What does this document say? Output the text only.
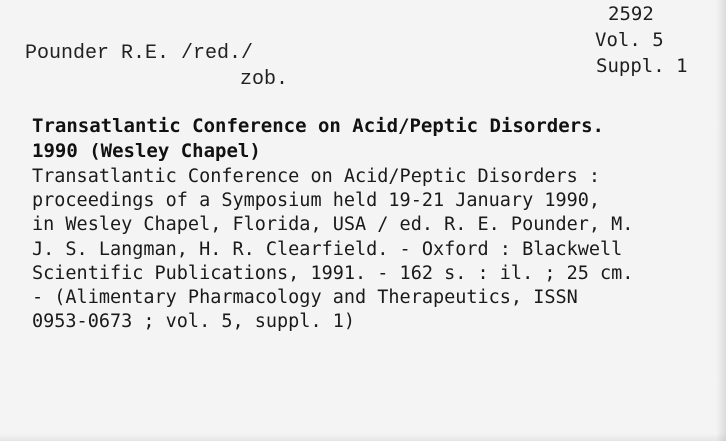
2592
Vol. 5
Suppl. 1
Pounder R.E. /red./
zob.
Transatlantic Conference on Acid/Peptic Disorders.
1990 (Wesley Chapel)
Transatlantic Conference on Acid/Peptic Disorders :
proceedings of a Symposium held 19-21 January 1990,
in Wesley Chapel, Florida, USA / ed. R. E. Pounder, M.
J. S. Langman, H. R. Clearfield. - Oxford : Blackwell
Scientific Publications, 1991. - 162 s. : il. ; 25 cm.
- (Alimentary Pharmacology and Therapeutics, ISSN
0953-0673 ; vol. 5, suppl. 1)
